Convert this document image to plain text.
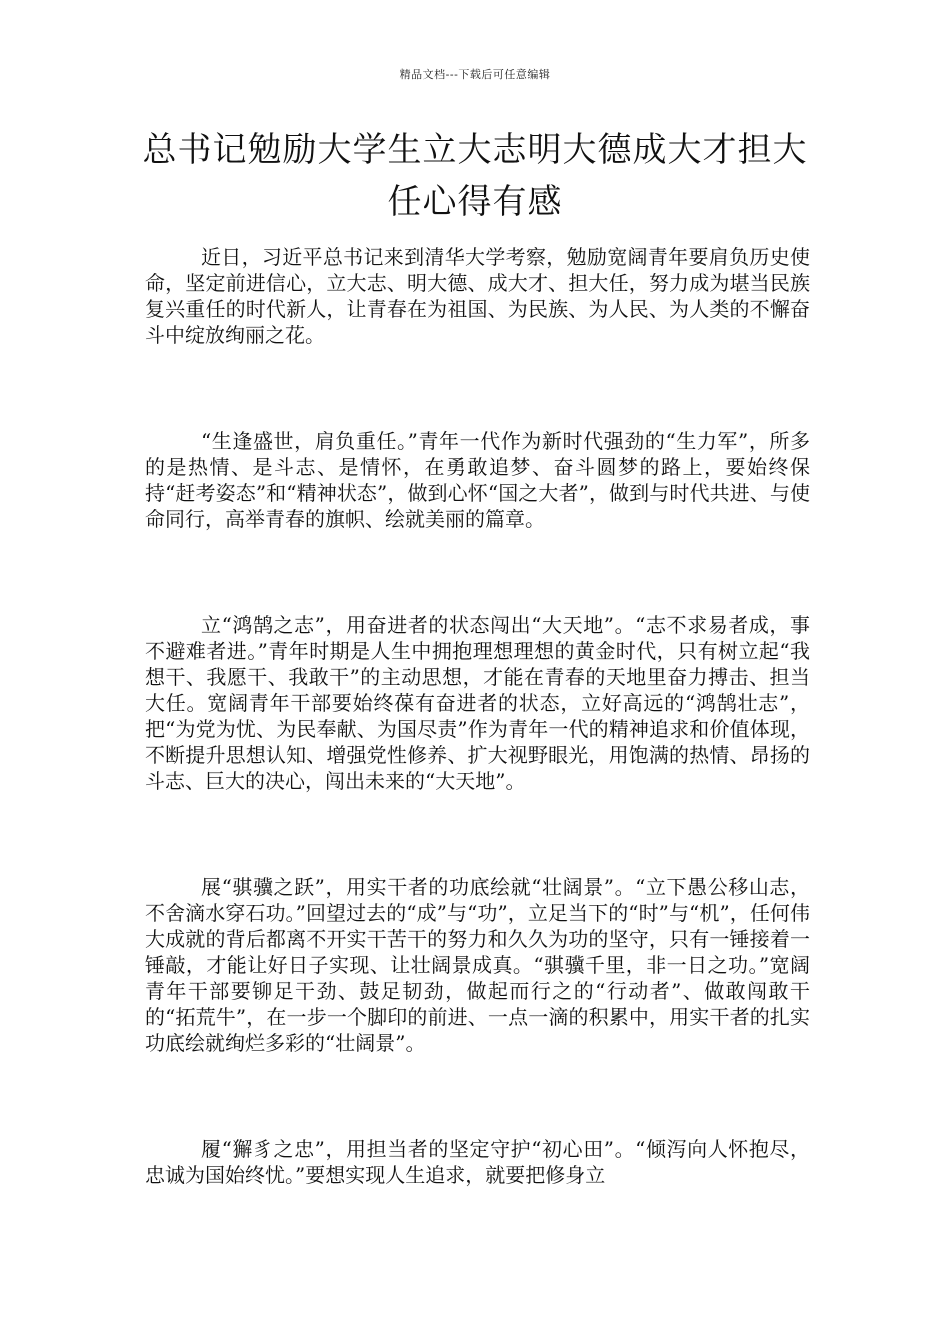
精品文档---下载后可任意编辑
总书记勉励大学生立大志明大德成大才担大任心得有感

近日，习近平总书记来到清华大学考察，勉励宽阔青年要肩负历史使命，坚定前进信心，立大志、明大德、成大才、担大任，努力成为堪当民族复兴重任的时代新人，让青春在为祖国、为民族、为人民、为人类的不懈奋斗中绽放绚丽之花。

“生逢盛世，肩负重任。”青年一代作为新时代强劲的“生力军”，所多的是热情、是斗志、是情怀，在勇敢追梦、奋斗圆梦的路上，要始终保持“赶考姿态”和“精神状态”，做到心怀“国之大者”，做到与时代共进、与使命同行，高举青春的旗帜、绘就美丽的篇章。

立“鸿鹄之志”，用奋进者的状态闯出“大天地”。“志不求易者成，事不避难者进。”青年时期是人生中拥抱理想理想的黄金时代，只有树立起“我想干、我愿干、我敢干”的主动思想，才能在青春的天地里奋力搏击、担当大任。宽阔青年干部要始终葆有奋进者的状态，立好高远的“鸿鹄壮志”，把“为党为忧、为民奉献、为国尽责”作为青年一代的精神追求和价值体现，不断提升思想认知、增强党性修养、扩大视野眼光，用饱满的热情、昂扬的斗志、巨大的决心，闯出未来的“大天地”。

展“骐骥之跃”，用实干者的功底绘就“壮阔景”。“立下愚公移山志，不舍滴水穿石功。”回望过去的“成”与“功”，立足当下的“时”与“机”，任何伟大成就的背后都离不开实干苦干的努力和久久为功的坚守，只有一锤接着一锤敲，才能让好日子实现、让壮阔景成真。“骐骥千里，非一日之功。”宽阔青年干部要铆足干劲、鼓足韧劲，做起而行之的“行动者”、做敢闯敢干的“拓荒牛”，在一步一个脚印的前进、一点一滴的积累中，用实干者的扎实功底绘就绚烂多彩的“壮阔景”。

履“獬豸之忠”，用担当者的坚定守护“初心田”。“倾泻向人怀抱尽，忠诚为国始终忧。”要想实现人生追求，就要把修身立
